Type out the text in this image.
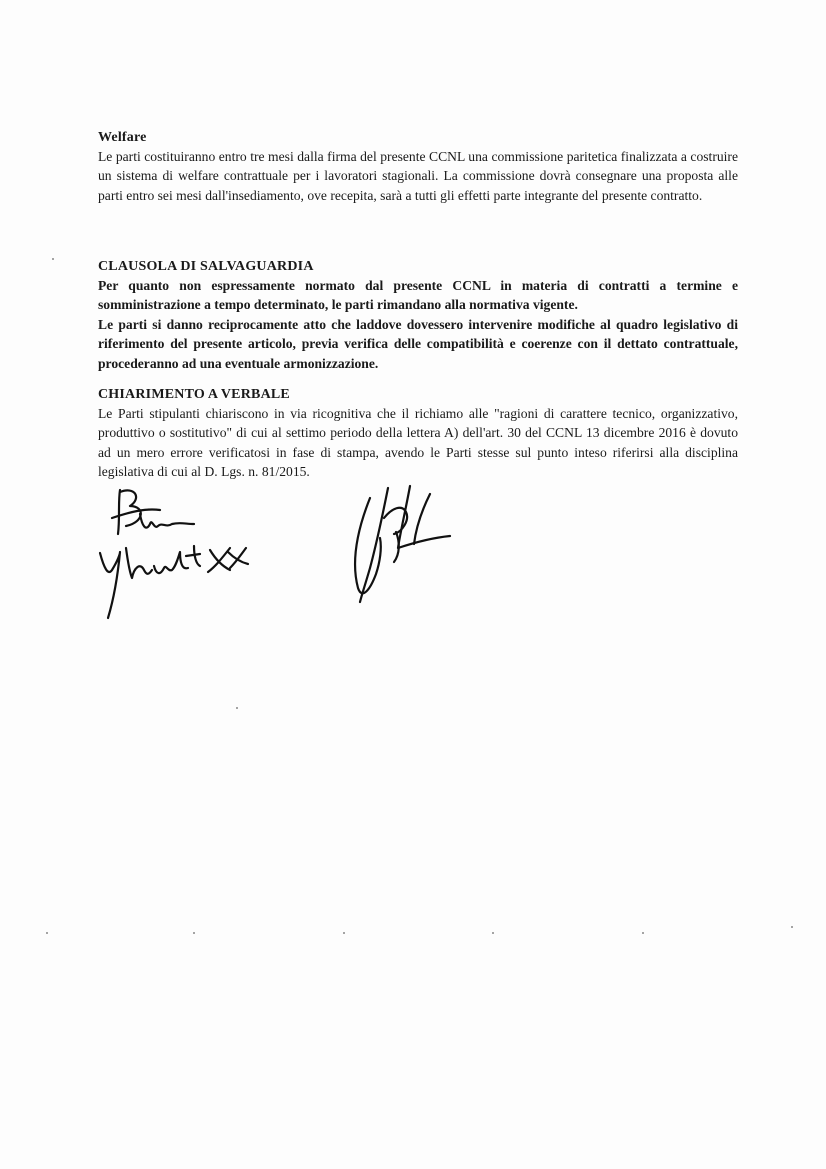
Welfare

Le parti costituiranno entro tre mesi dalla firma del presente CCNL una commissione paritetica finalizzata a costruire un sistema di welfare contrattuale per i lavoratori stagionali. La commissione dovrà consegnare una proposta alle parti entro sei mesi dall'insediamento, ove recepita, sarà a tutti gli effetti parte integrante del presente contratto.

CLAUSOLA DI SALVAGUARDIA

Per quanto non espressamente normato dal presente CCNL in materia di contratti a termine e somministrazione a tempo determinato, le parti rimandano alla normativa vigente.

Le parti si danno reciprocamente atto che laddove dovessero intervenire modifiche al quadro legislativo di riferimento del presente articolo, previa verifica delle compatibilità e coerenze con il dettato contrattuale, procederanno ad una eventuale armonizzazione.

CHIARIMENTO A VERBALE

Le Parti stipulanti chiariscono in via ricognitiva che il richiamo alle "ragioni di carattere tecnico, organizzativo, produttivo o sostitutivo" di cui al settimo periodo della lettera A) dell'art. 30 del CCNL 13 dicembre 2016 è dovuto ad un mero errore verificatosi in fase di stampa, avendo le Parti stesse sul punto inteso riferirsi alla disciplina legislativa di cui al D. Lgs. n. 81/2015.
